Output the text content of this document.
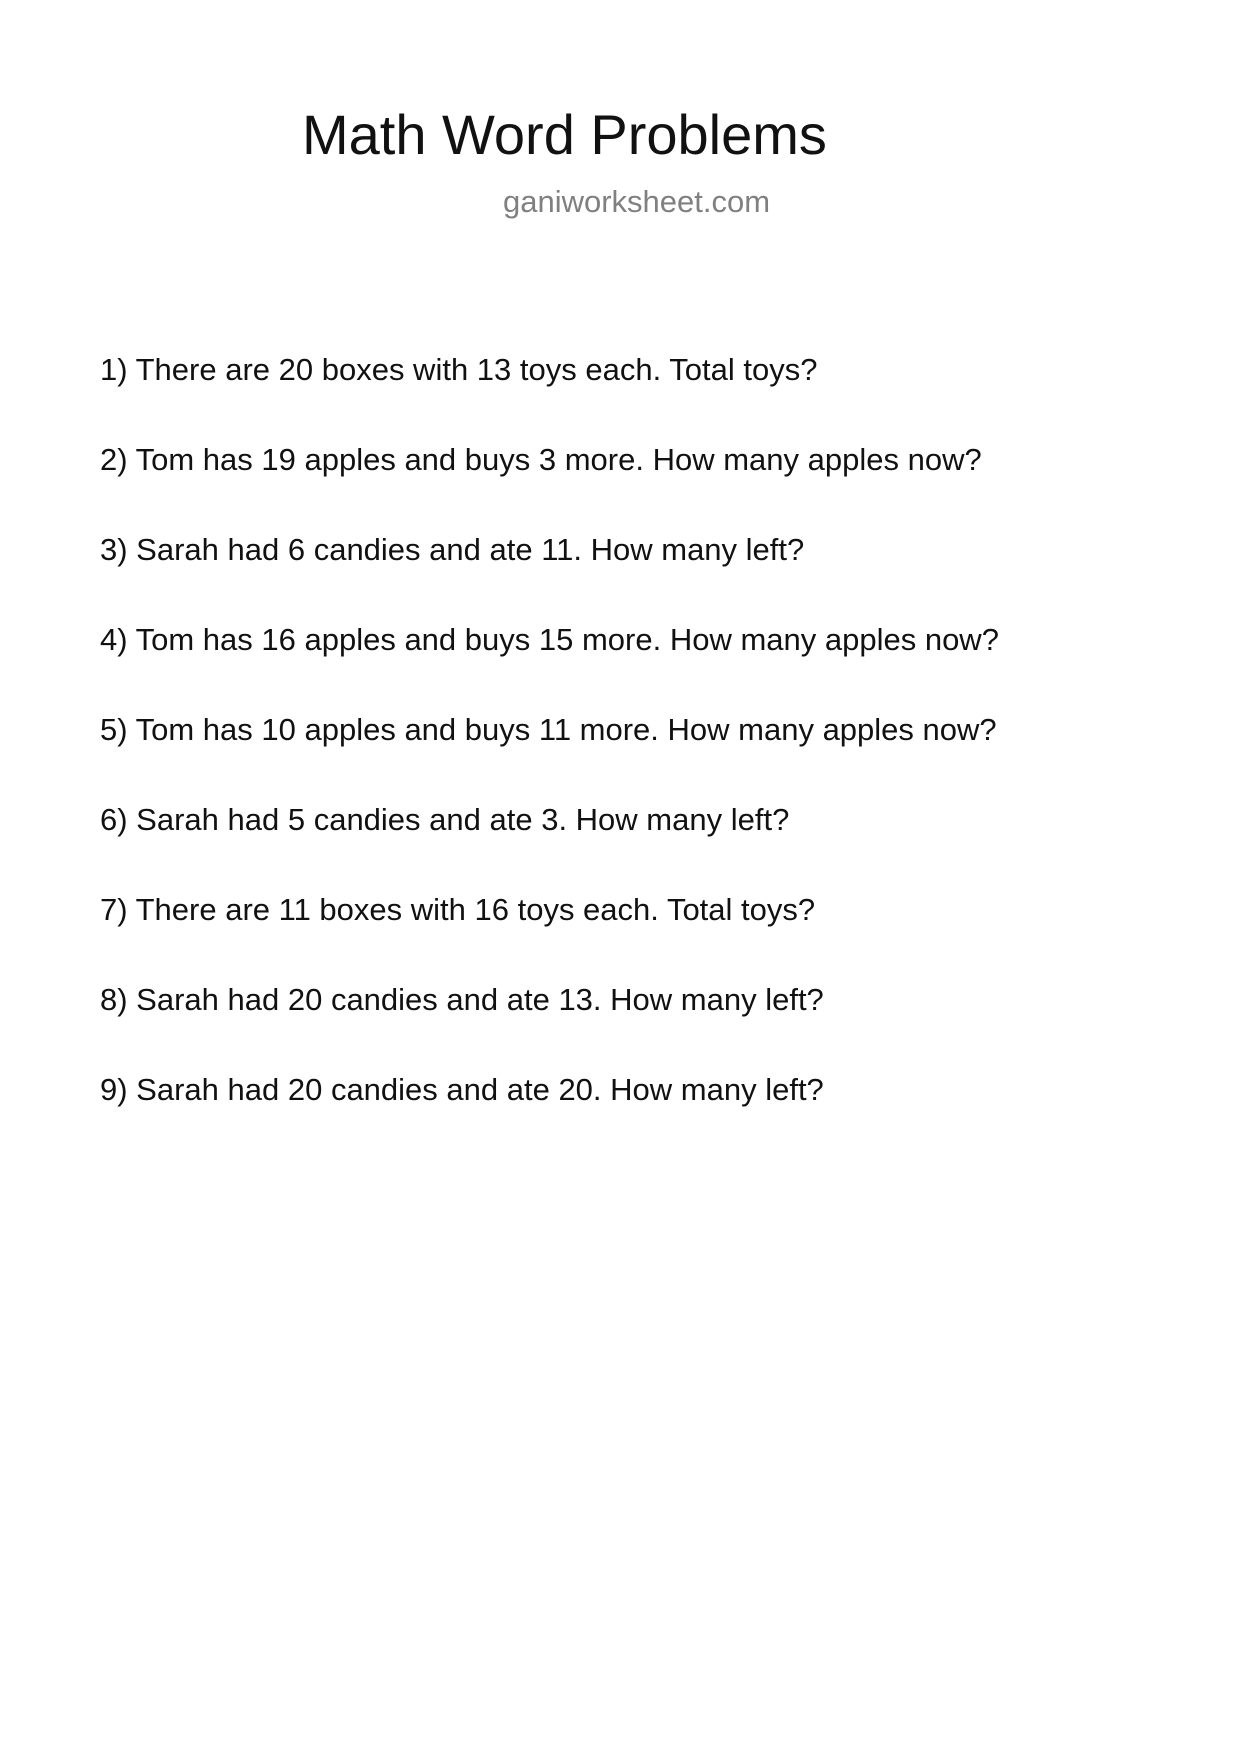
Math Word Problems
ganiworksheet.com
1) There are 20 boxes with 13 toys each. Total toys?
2) Tom has 19 apples and buys 3 more. How many apples now?
3) Sarah had 6 candies and ate 11. How many left?
4) Tom has 16 apples and buys 15 more. How many apples now?
5) Tom has 10 apples and buys 11 more. How many apples now?
6) Sarah had 5 candies and ate 3. How many left?
7) There are 11 boxes with 16 toys each. Total toys?
8) Sarah had 20 candies and ate 13. How many left?
9) Sarah had 20 candies and ate 20. How many left?
